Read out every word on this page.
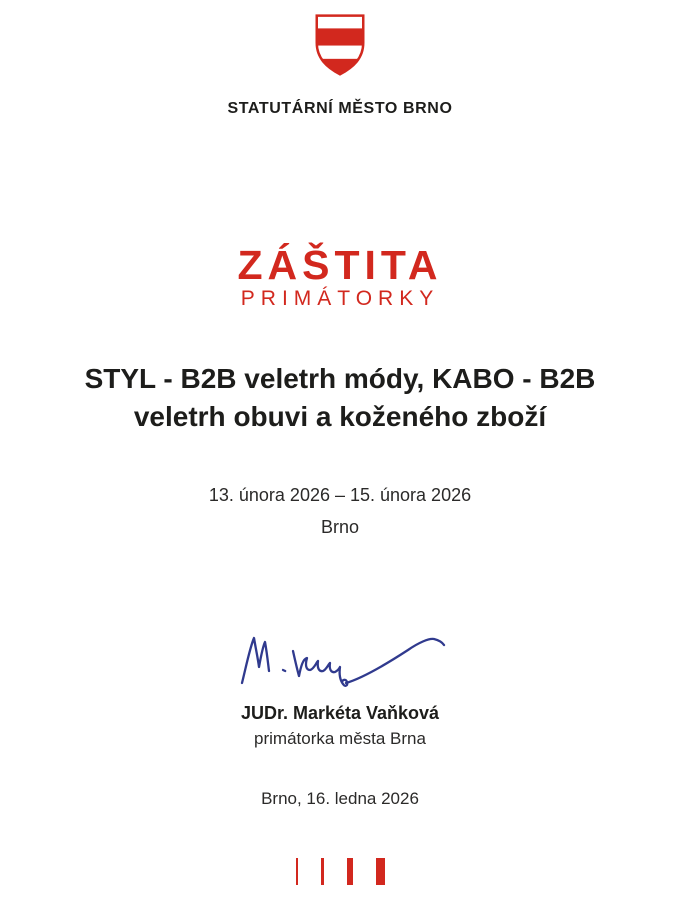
STATUTÁRNÍ MĚSTO BRNO
ZÁŠTITA
PRIMÁTORKY
STYL - B2B veletrh módy, KABO - B2B
veletrh obuvi a koženého zboží
13. února 2026 – 15. února 2026
Brno
JUDr. Markéta Vaňková
primátorka města Brna
Brno, 16. ledna 2026
